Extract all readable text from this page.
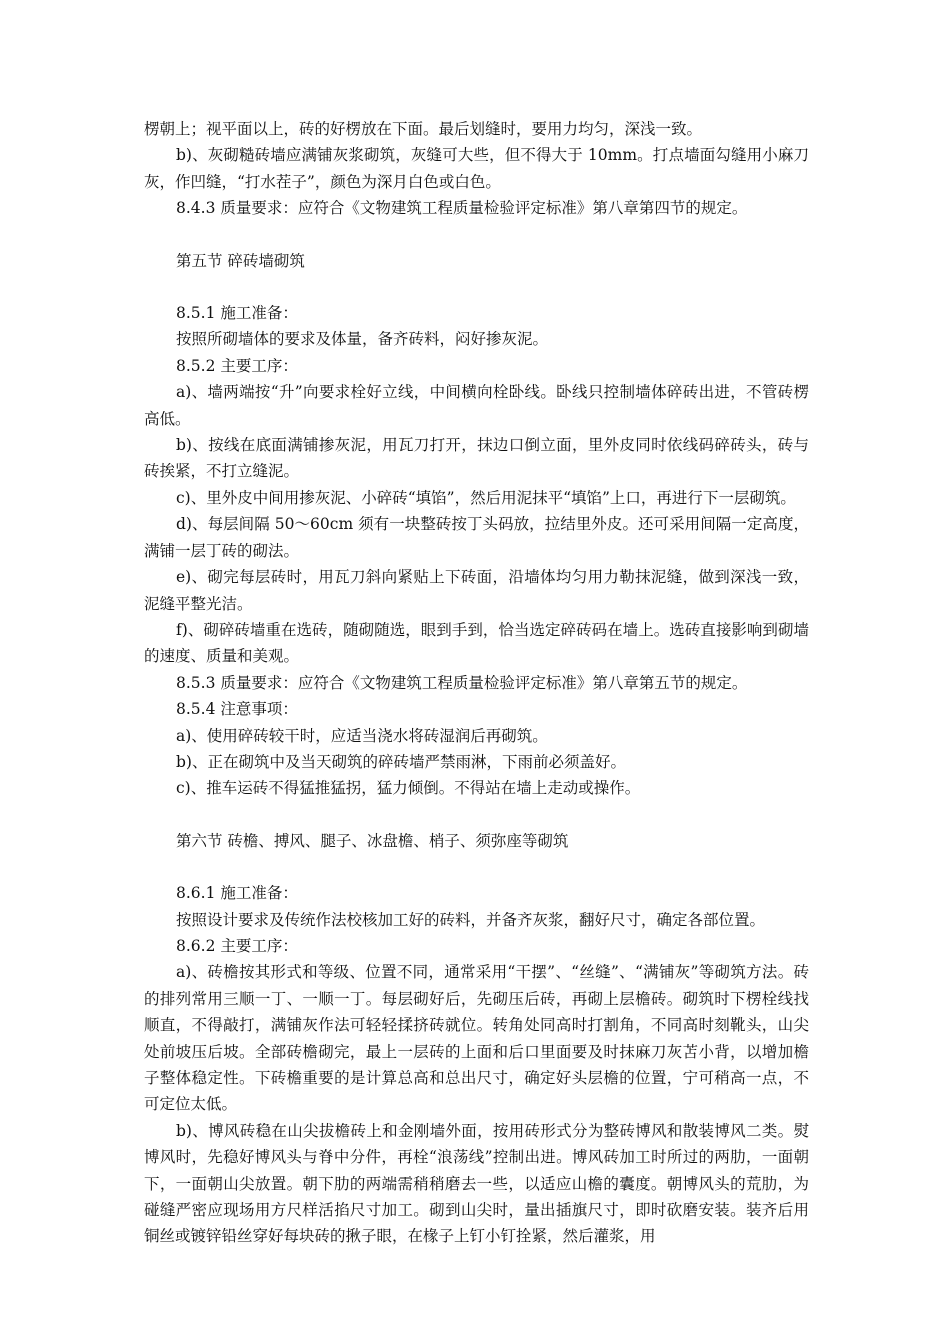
楞朝上；视平面以上，砖的好楞放在下面。最后划缝时，要用力均匀，深浅一致。

b)、灰砌糙砖墙应满铺灰浆砌筑，灰缝可大些，但不得大于 10mm。打点墙面勾缝用小麻刀灰，作凹缝，“打水茬子”，颜色为深月白色或白色。

8.4.3 质量要求：应符合《文物建筑工程质量检验评定标准》第八章第四节的规定。

第五节 碎砖墙砌筑

8.5.1 施工准备：

按照所砌墙体的要求及体量，备齐砖料，闷好掺灰泥。

8.5.2 主要工序：

a)、墙两端按“升”向要求栓好立线，中间横向栓卧线。卧线只控制墙体碎砖出进，不管砖楞高低。

b)、按线在底面满铺掺灰泥，用瓦刀打开，抹边口倒立面，里外皮同时依线码碎砖头，砖与砖挨紧，不打立缝泥。

c)、里外皮中间用掺灰泥、小碎砖“填馅”，然后用泥抹平“填馅”上口，再进行下一层砌筑。

d)、每层间隔 50～60cm 须有一块整砖按丁头码放，拉结里外皮。还可采用间隔一定高度，满铺一层丁砖的砌法。

e)、砌完每层砖时，用瓦刀斜向紧贴上下砖面，沿墙体均匀用力勒抹泥缝，做到深浅一致，泥缝平整光洁。

f)、砌碎砖墙重在选砖，随砌随选，眼到手到，恰当选定碎砖码在墙上。选砖直接影响到砌墙的速度、质量和美观。

8.5.3 质量要求：应符合《文物建筑工程质量检验评定标准》第八章第五节的规定。

8.5.4 注意事项：

a)、使用碎砖较干时，应适当浇水将砖湿润后再砌筑。

b)、正在砌筑中及当天砌筑的碎砖墙严禁雨淋，下雨前必须盖好。

c)、推车运砖不得猛推猛拐，猛力倾倒。不得站在墙上走动或操作。

第六节 砖檐、搏风、腿子、冰盘檐、梢子、须弥座等砌筑

8.6.1 施工准备：

按照设计要求及传统作法校核加工好的砖料，并备齐灰浆，翻好尺寸，确定各部位置。

8.6.2 主要工序：

a)、砖檐按其形式和等级、位置不同，通常采用“干摆”、“丝缝”、“满铺灰”等砌筑方法。砖的排列常用三顺一丁、一顺一丁。每层砌好后，先砌压后砖，再砌上层檐砖。砌筑时下楞栓线找顺直，不得敲打，满铺灰作法可轻轻揉挤砖就位。转角处同高时打割角，不同高时刻靴头，山尖处前坡压后坡。全部砖檐砌完，最上一层砖的上面和后口里面要及时抹麻刀灰苫小背，以增加檐子整体稳定性。下砖檐重要的是计算总高和总出尺寸，确定好头层檐的位置，宁可稍高一点，不可定位太低。

b)、博风砖稳在山尖拔檐砖上和金刚墙外面，按用砖形式分为整砖博风和散装博风二类。熨博风时，先稳好博风头与脊中分件，再栓“浪荡线”控制出进。博风砖加工时所过的两肋，一面朝下，一面朝山尖放置。朝下肋的两端需稍稍磨去一些，以适应山檐的囊度。朝博风头的荒肋，为碰缝严密应现场用方尺样活掐尺寸加工。砌到山尖时，量出插旗尺寸，即时砍磨安装。装齐后用铜丝或镀锌铅丝穿好每块砖的揪子眼，在椽子上钉小钉拴紧，然后灌浆，用
